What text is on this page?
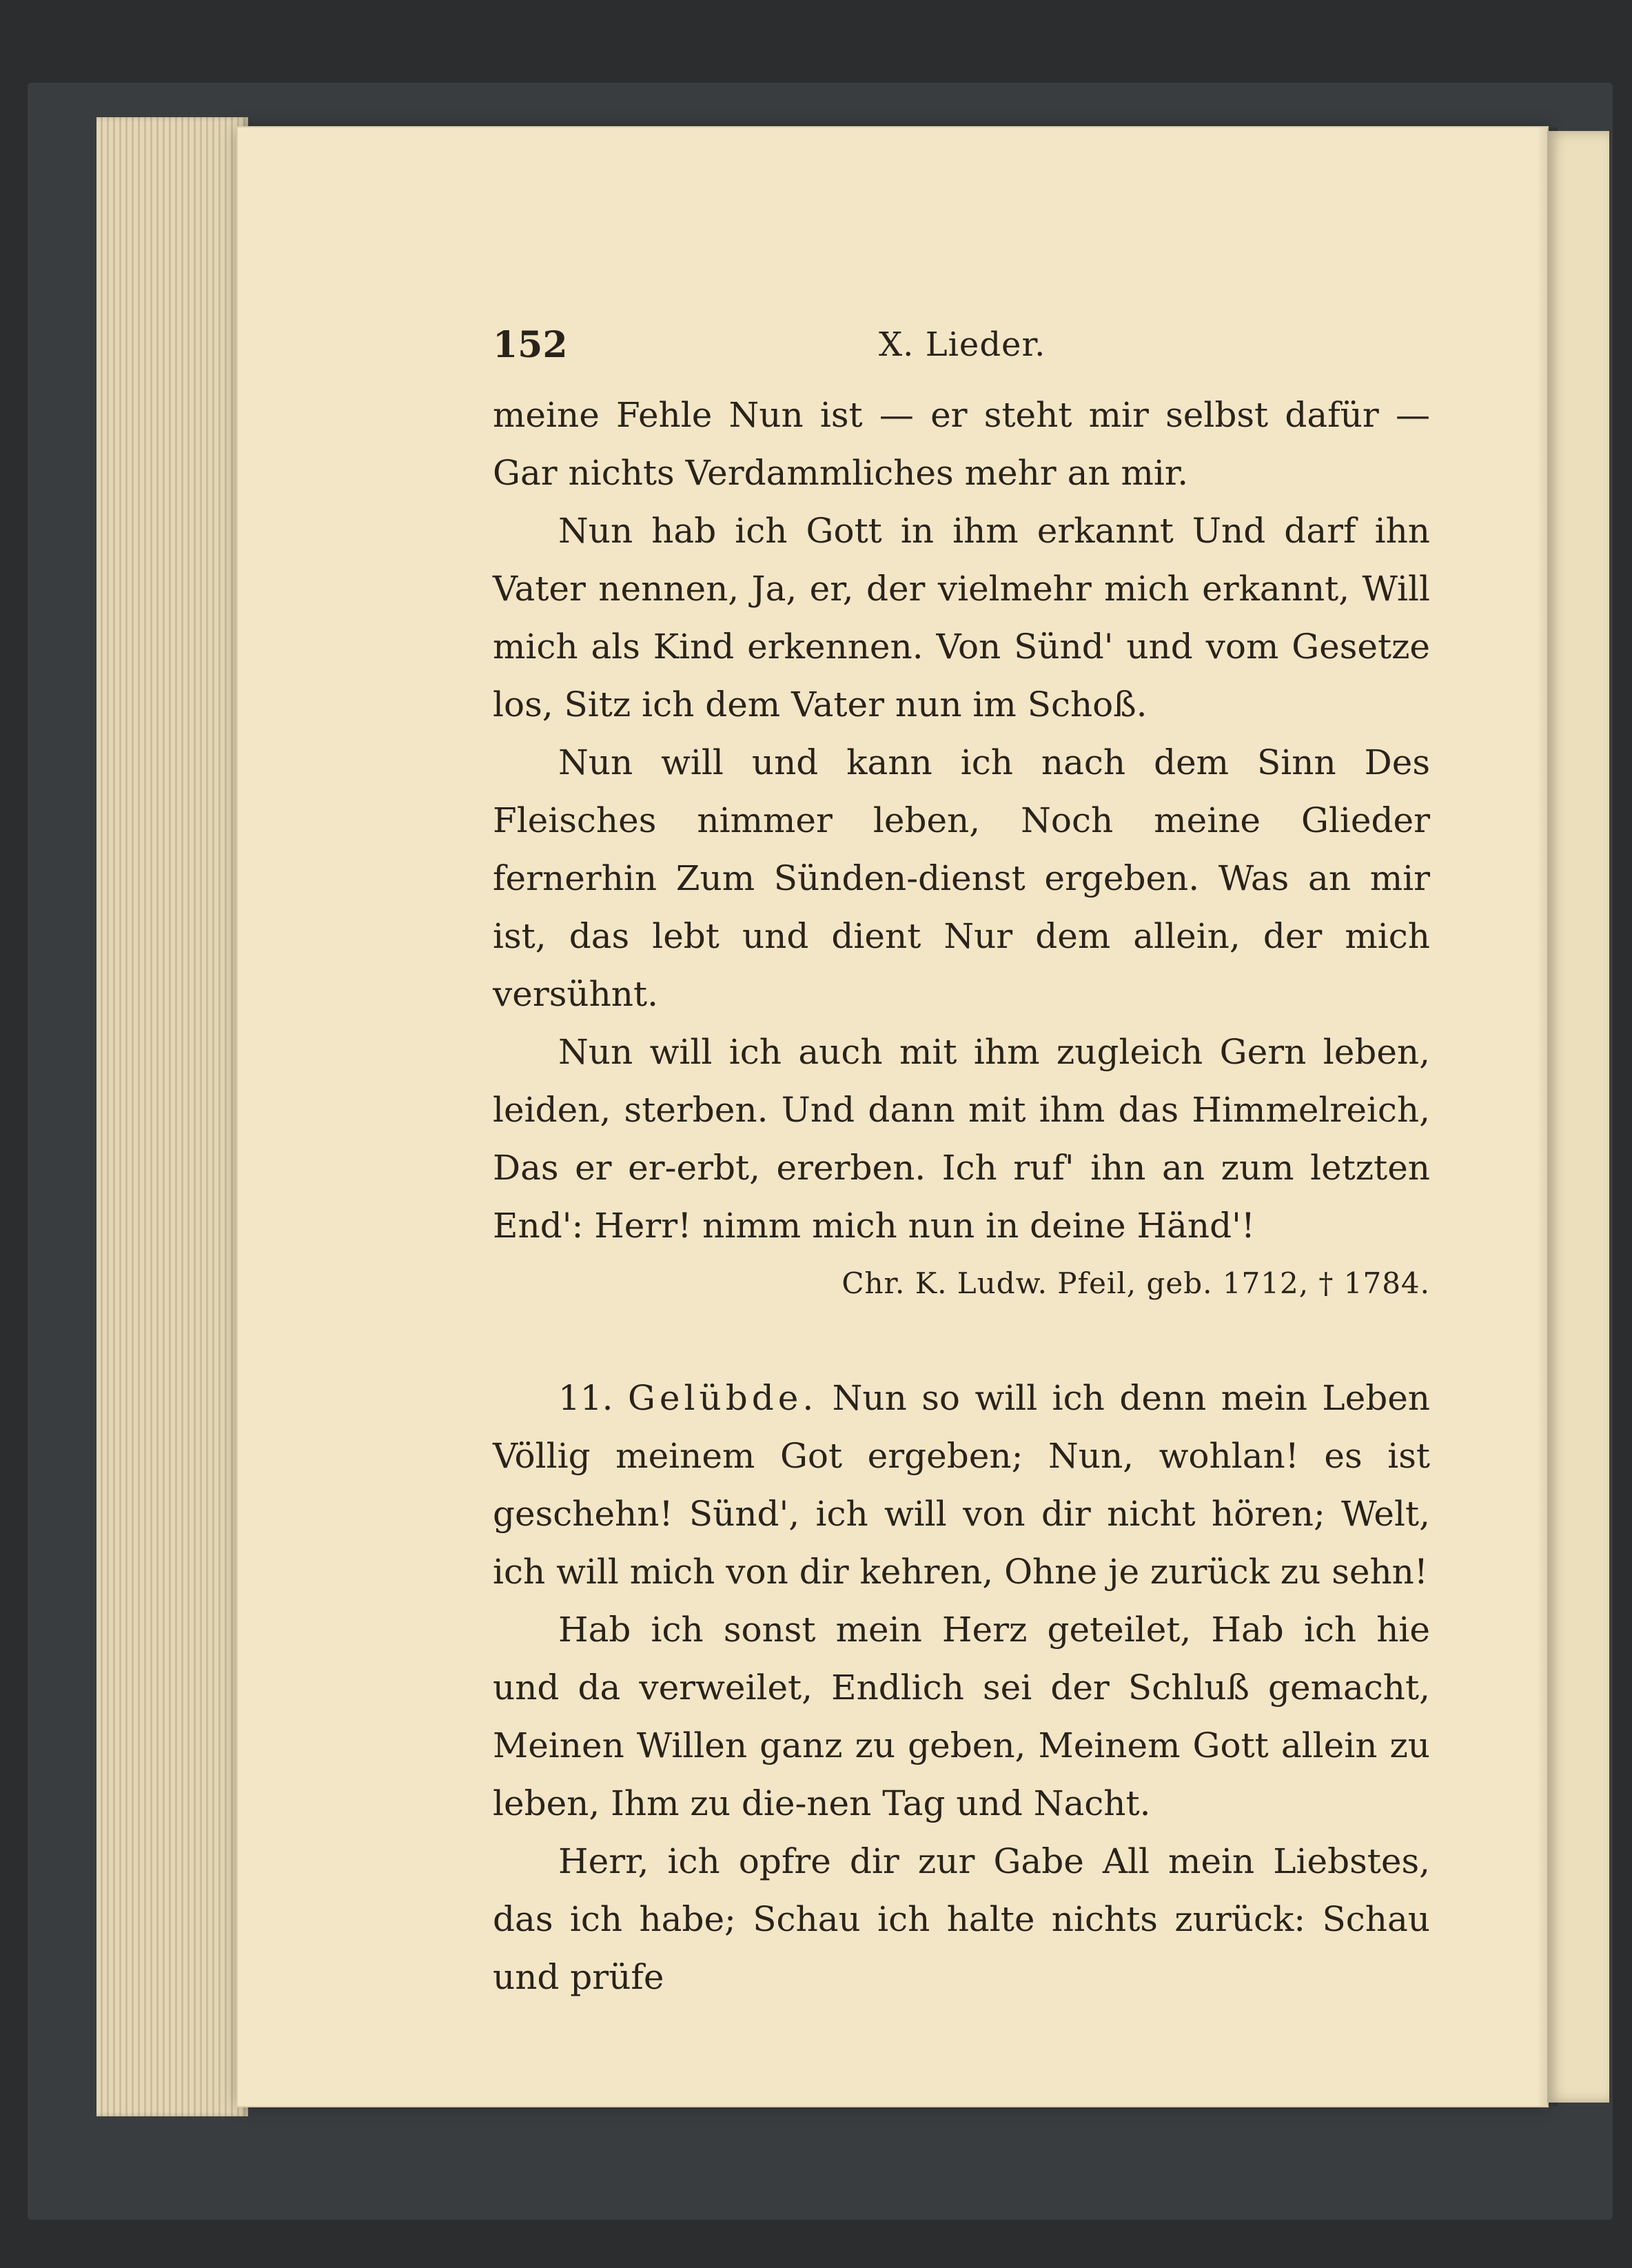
152	X. Lieder.

meine Fehle Nun ist — er steht mir selbst dafür — Gar nichts Verdammliches mehr an mir.

Nun hab ich Gott in ihm erkannt Und darf ihn Vater nennen, Ja, er, der vielmehr mich erkannt, Will mich als Kind erkennen. Von Sünd' und vom Gesetze los, Sitz ich dem Vater nun im Schoß.

Nun will und kann ich nach dem Sinn Des Fleisches nimmer leben, Noch meine Glieder fernerhin Zum Sünden-dienst ergeben. Was an mir ist, das lebt und dient Nur dem allein, der mich versühnt.

Nun will ich auch mit ihm zugleich Gern leben, leiden, sterben. Und dann mit ihm das Himmelreich, Das er er-erbt, ererben. Ich ruf' ihn an zum letzten End': Herr! nimm mich nun in deine Händ'!

Chr. K. Ludw. Pfeil, geb. 1712, † 1784.

11. Gelübde. Nun so will ich denn mein Leben Völlig meinem Got ergeben; Nun, wohlan! es ist geschehn! Sünd', ich will von dir nicht hören; Welt, ich will mich von dir kehren, Ohne je zurück zu sehn!

Hab ich sonst mein Herz geteilet, Hab ich hie und da verweilet, Endlich sei der Schluß gemacht, Meinen Willen ganz zu geben, Meinem Gott allein zu leben, Ihm zu die-nen Tag und Nacht.

Herr, ich opfre dir zur Gabe All mein Liebstes, das ich habe; Schau ich halte nichts zurück: Schau und prüfe
